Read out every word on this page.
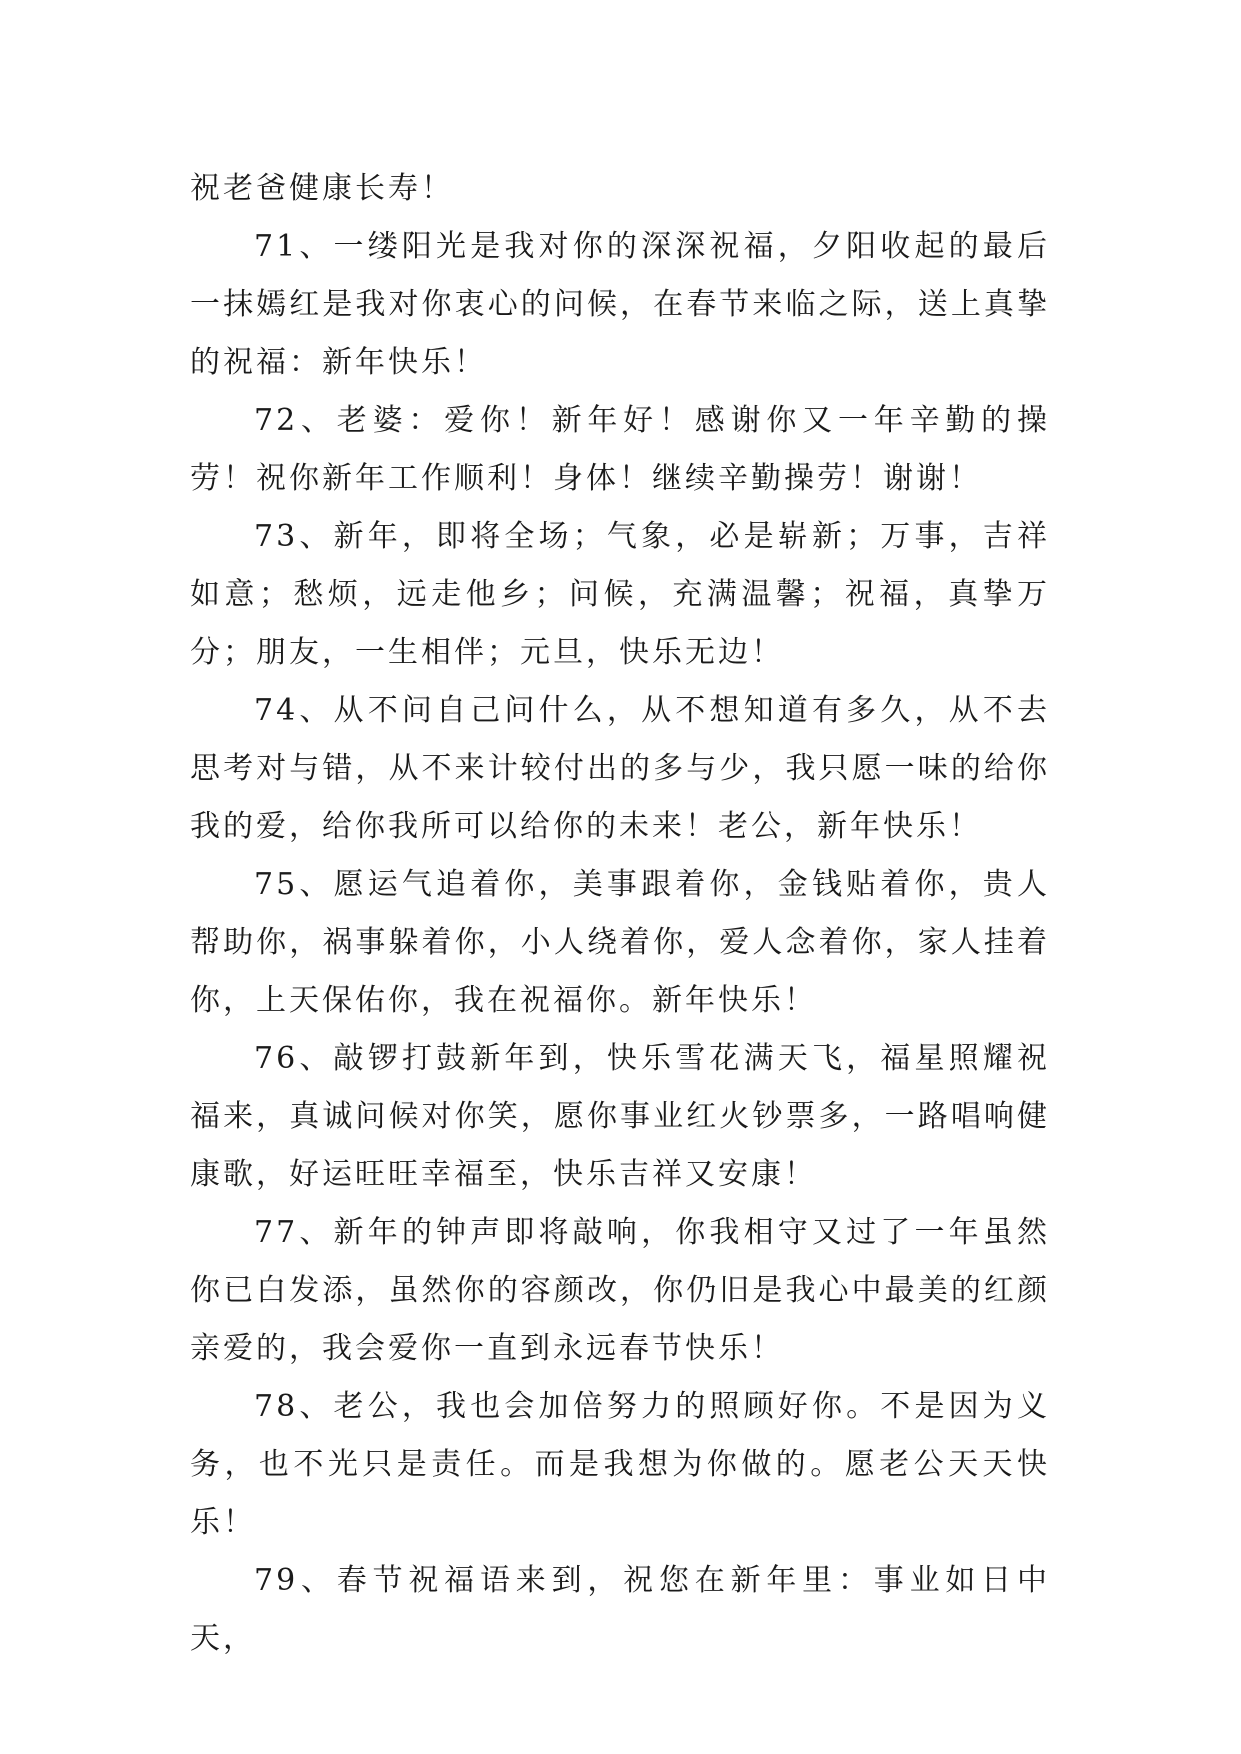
祝老爸健康长寿！

71、一缕阳光是我对你的深深祝福，夕阳收起的最后一抹嫣红是我对你衷心的问候，在春节来临之际，送上真挚的祝福：新年快乐！

72、老婆：爱你！新年好！感谢你又一年辛勤的操劳！祝你新年工作顺利！身体！继续辛勤操劳！谢谢！

73、新年，即将全场；气象，必是崭新；万事，吉祥如意；愁烦，远走他乡；问候，充满温馨；祝福，真挚万分；朋友，一生相伴；元旦，快乐无边！

74、从不问自己问什么，从不想知道有多久，从不去思考对与错，从不来计较付出的多与少，我只愿一味的给你我的爱，给你我所可以给你的未来！老公，新年快乐！

75、愿运气追着你，美事跟着你，金钱贴着你，贵人帮助你，祸事躲着你，小人绕着你，爱人念着你，家人挂着你，上天保佑你，我在祝福你。新年快乐！

76、敲锣打鼓新年到，快乐雪花满天飞，福星照耀祝福来，真诚问候对你笑，愿你事业红火钞票多，一路唱响健康歌，好运旺旺幸福至，快乐吉祥又安康！

77、新年的钟声即将敲响，你我相守又过了一年虽然你已白发添，虽然你的容颜改，你仍旧是我心中最美的红颜亲爱的，我会爱你一直到永远春节快乐！

78、老公，我也会加倍努力的照顾好你。不是因为义务，也不光只是责任。而是我想为你做的。愿老公天天快乐！

79、春节祝福语来到，祝您在新年里：事业如日中天，
